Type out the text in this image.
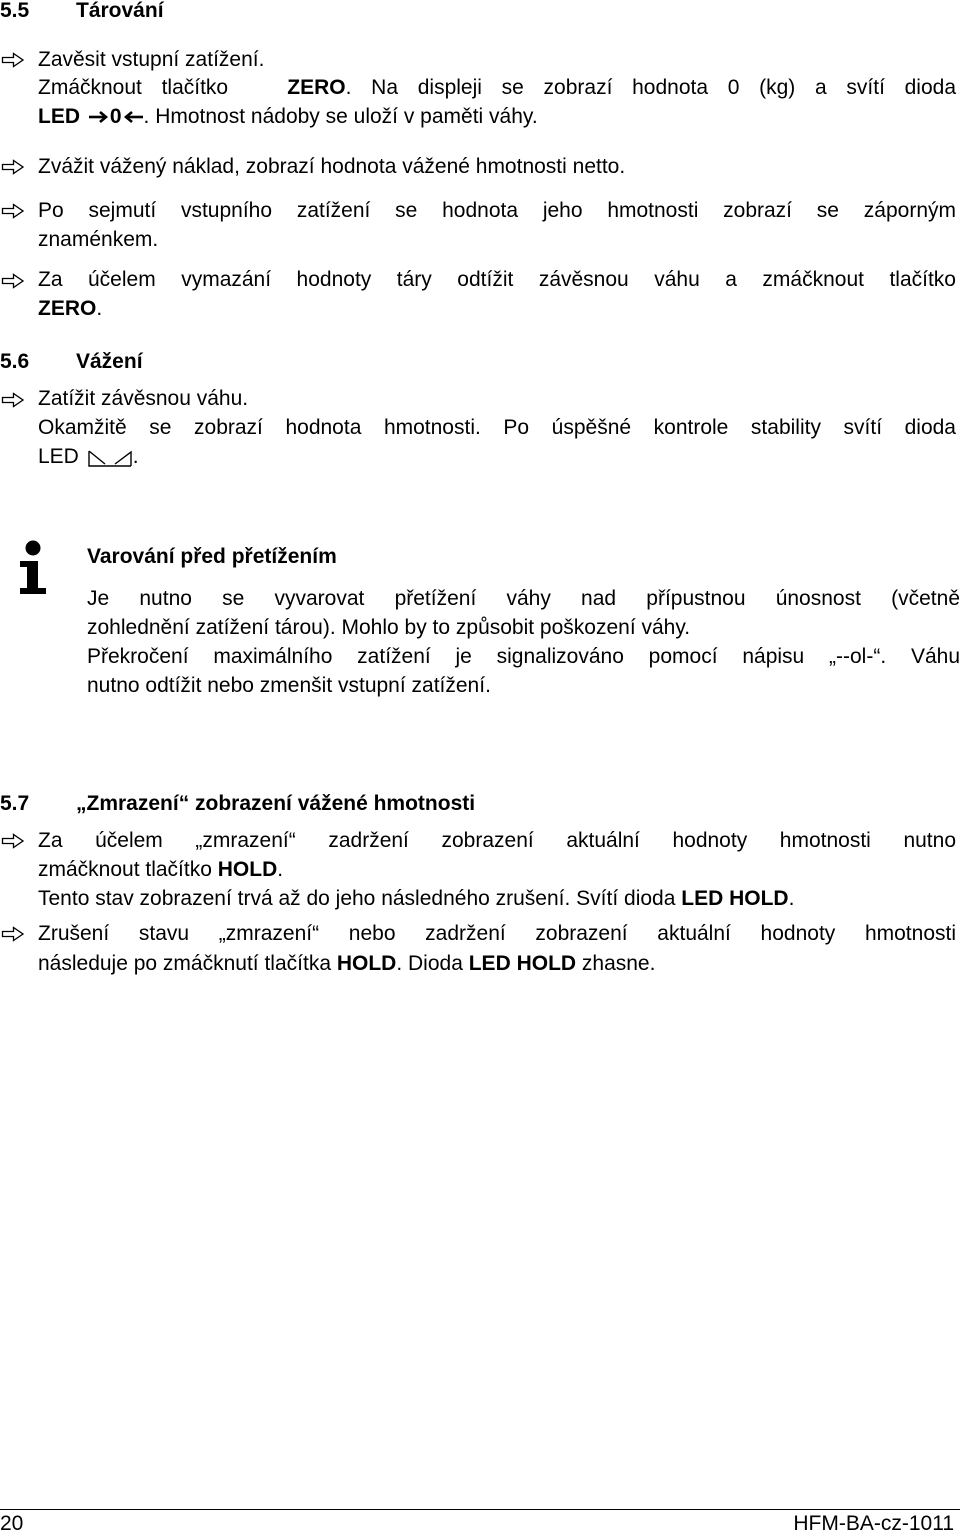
5.5 Tárování
Zavěsit vstupní zatížení.
Zmáčknout tlačítko	ZERO. Na displeji se zobrazí hodnota 0 (kg) a svítí dioda
LED 0 . Hmotnost nádoby se uloží v paměti váhy.
Zvážit vážený náklad, zobrazí hodnota vážené hmotnosti netto.
Po sejmutí vstupního zatížení se hodnota jeho hmotnosti zobrazí se záporným
znaménkem.
Za účelem vymazání hodnoty táry odtížit závěsnou váhu a zmáčknout tlačítko
ZERO.
5.6 Vážení
Zatížit závěsnou váhu.
Okamžitě se zobrazí hodnota hmotnosti. Po úspěšné kontrole stability svítí dioda
LED	.
Varování před přetížením
Je nutno se vyvarovat přetížení váhy nad přípustnou únosnost (včetně
zohlednění zatížení tárou). Mohlo by to způsobit poškození váhy.
Překročení maximálního zatížení je signalizováno pomocí nápisu „--ol-“. Váhu
nutno odtížit nebo zmenšit vstupní zatížení.
5.7 „Zmrazení“ zobrazení vážené hmotnosti
Za účelem „zmrazení“ zadržení zobrazení aktuální hodnoty hmotnosti nutno
zmáčknout tlačítko HOLD.
Tento stav zobrazení trvá až do jeho následného zrušení. Svítí dioda LED HOLD.
Zrušení stavu „zmrazení“ nebo zadržení zobrazení aktuální hodnoty hmotnosti
následuje po zmáčknutí tlačítka HOLD. Dioda LED HOLD zhasne.
20	HFM-BA-cz-1011
